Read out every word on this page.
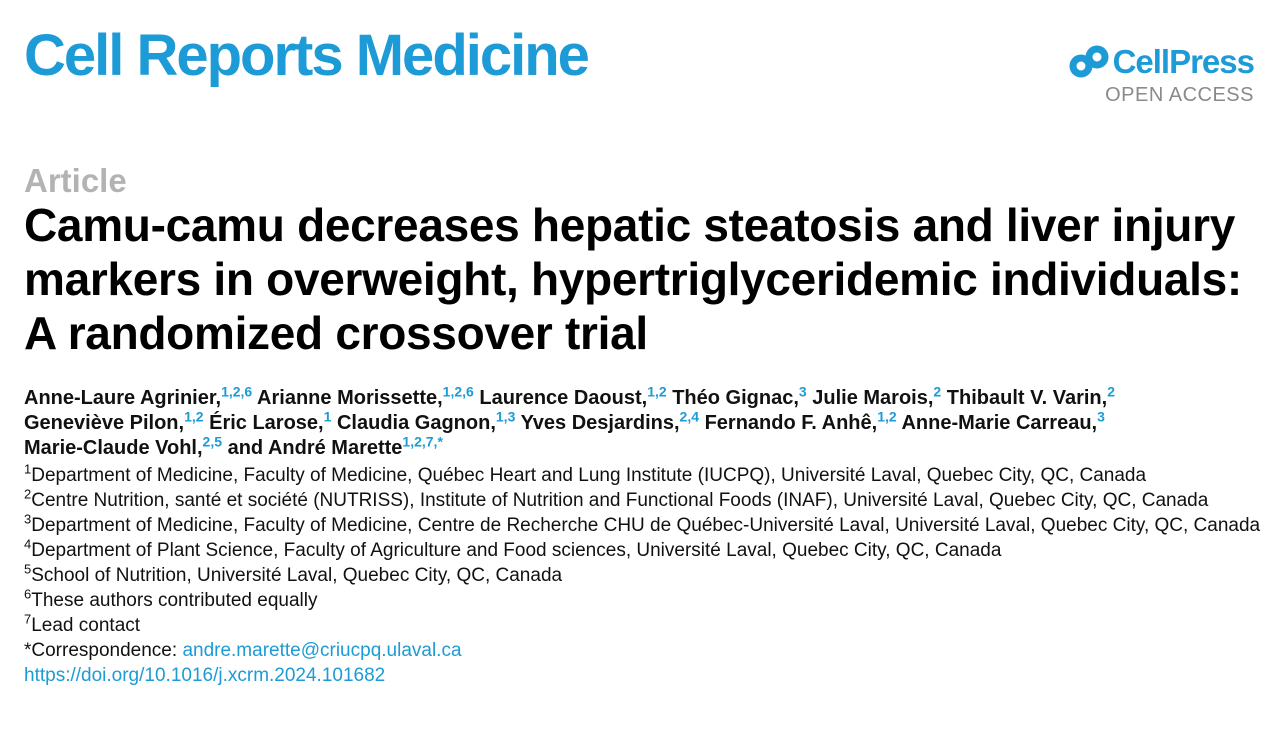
Cell Reports Medicine	CellPress
OPEN ACCESS
Article
Camu-camu decreases hepatic steatosis and liver injury markers in overweight, hypertriglyceridemic individuals: A randomized crossover trial
Anne-Laure Agrinier,$^{1,2,6}$ Arianne Morissette,$^{1,2,6}$ Laurence Daoust,$^{1,2}$ Théo Gignac,$^3$ Julie Marois,$^2$ Thibault V. Varin,$^2$ Geneviève Pilon,$^{1,2}$ Éric Larose,$^1$ Claudia Gagnon,$^{1,3}$ Yves Desjardins,$^{2,4}$ Fernando F. Anhê,$^{1,2}$ Anne-Marie Carreau,$^3$ Marie-Claude Vohl,$^{2,5}$ and André Marette$^{1,2,7,*}$
$^1$Department of Medicine, Faculty of Medicine, Québec Heart and Lung Institute (IUCPQ), Université Laval, Quebec City, QC, Canada
$^2$Centre Nutrition, santé et société (NUTRISS), Institute of Nutrition and Functional Foods (INAF), Université Laval, Quebec City, QC, Canada
$^3$Department of Medicine, Faculty of Medicine, Centre de Recherche CHU de Québec-Université Laval, Université Laval, Quebec City, QC, Canada
$^4$Department of Plant Science, Faculty of Agriculture and Food sciences, Université Laval, Quebec City, QC, Canada
$^5$School of Nutrition, Université Laval, Quebec City, QC, Canada
$^6$These authors contributed equally
$^7$Lead contact
*Correspondence: andre.marette@criucpq.ulaval.ca
https://doi.org/10.1016/j.xcrm.2024.101682
